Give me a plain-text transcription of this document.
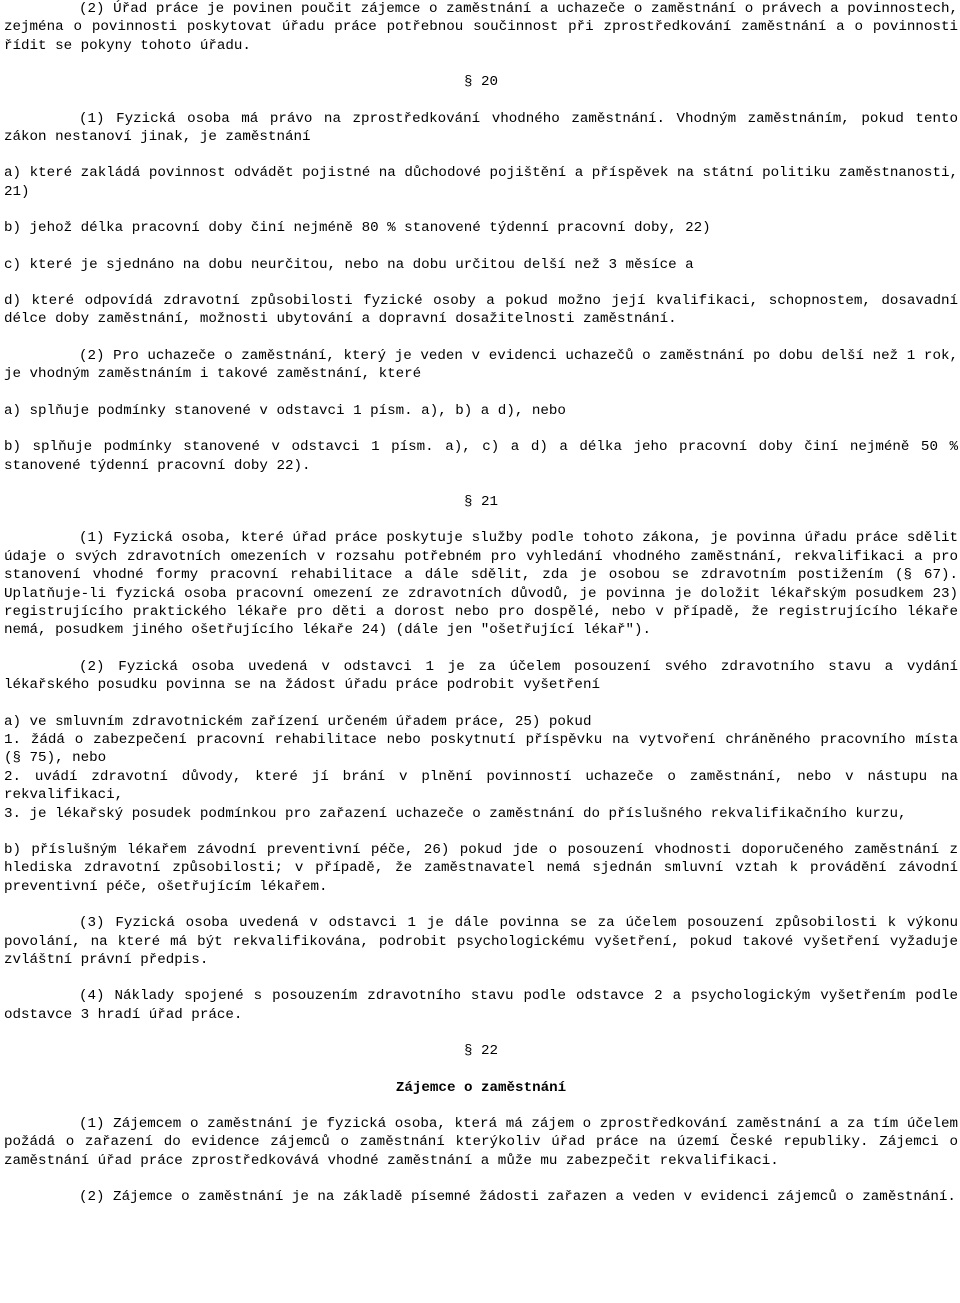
(2) Úřad práce je povinen poučit zájemce o zaměstnání a uchazeče o zaměstnání o právech a povinnostech, zejména o povinnosti poskytovat úřadu práce potřebnou součinnost při zprostředkování zaměstnání a o povinnosti řídit se pokyny tohoto úřadu.

§ 20

(1) Fyzická osoba má právo na zprostředkování vhodného zaměstnání. Vhodným zaměstnáním, pokud tento zákon nestanoví jinak, je zaměstnání

a) které zakládá povinnost odvádět pojistné na důchodové pojištění a příspěvek na státní politiku zaměstnanosti, 21)

b) jehož délka pracovní doby činí nejméně 80 % stanovené týdenní pracovní doby, 22)

c) které je sjednáno na dobu neurčitou, nebo na dobu určitou delší než 3 měsíce a

d) které odpovídá zdravotní způsobilosti fyzické osoby a pokud možno její kvalifikaci, schopnostem, dosavadní délce doby zaměstnání, možnosti ubytování a dopravní dosažitelnosti zaměstnání.

(2) Pro uchazeče o zaměstnání, který je veden v evidenci uchazečů o zaměstnání po dobu delší než 1 rok, je vhodným zaměstnáním i takové zaměstnání, které

a) splňuje podmínky stanovené v odstavci 1 písm. a), b) a d), nebo

b) splňuje podmínky stanovené v odstavci 1 písm. a), c) a d) a délka jeho pracovní doby činí nejméně 50 % stanovené týdenní pracovní doby 22).

§ 21

(1) Fyzická osoba, které úřad práce poskytuje služby podle tohoto zákona, je povinna úřadu práce sdělit údaje o svých zdravotních omezeních v rozsahu potřebném pro vyhledání vhodného zaměstnání, rekvalifikaci a pro stanovení vhodné formy pracovní rehabilitace a dále sdělit, zda je osobou se zdravotním postižením (§ 67). Uplatňuje-li fyzická osoba pracovní omezení ze zdravotních důvodů, je povinna je doložit lékařským posudkem 23) registrujícího praktického lékaře pro děti a dorost nebo pro dospělé, nebo v případě, že registrujícího lékaře nemá, posudkem jiného ošetřujícího lékaře 24) (dále jen "ošetřující lékař").

(2) Fyzická osoba uvedená v odstavci 1 je za účelem posouzení svého zdravotního stavu a vydání lékařského posudku povinna se na žádost úřadu práce podrobit vyšetření

a) ve smluvním zdravotnickém zařízení určeném úřadem práce, 25) pokud

1. žádá o zabezpečení pracovní rehabilitace nebo poskytnutí příspěvku na vytvoření chráněného pracovního místa (§ 75), nebo

2. uvádí zdravotní důvody, které jí brání v plnění povinností uchazeče o zaměstnání, nebo v nástupu na rekvalifikaci,

3. je lékařský posudek podmínkou pro zařazení uchazeče o zaměstnání do příslušného rekvalifikačního kurzu,

b) příslušným lékařem závodní preventivní péče, 26) pokud jde o posouzení vhodnosti doporučeného zaměstnání z hlediska zdravotní způsobilosti; v případě, že zaměstnavatel nemá sjednán smluvní vztah k provádění závodní preventivní péče, ošetřujícím lékařem.

(3) Fyzická osoba uvedená v odstavci 1 je dále povinna se za účelem posouzení způsobilosti k výkonu povolání, na které má být rekvalifikována, podrobit psychologickému vyšetření, pokud takové vyšetření vyžaduje zvláštní právní předpis.

(4) Náklady spojené s posouzením zdravotního stavu podle odstavce 2 a psychologickým vyšetřením podle odstavce 3 hradí úřad práce.

§ 22

Zájemce o zaměstnání

(1) Zájemcem o zaměstnání je fyzická osoba, která má zájem o zprostředkování zaměstnání a za tím účelem požádá o zařazení do evidence zájemců o zaměstnání kterýkoliv úřad práce na území České republiky. Zájemci o zaměstnání úřad práce zprostředkovává vhodné zaměstnání a může mu zabezpečit rekvalifikaci.

(2) Zájemce o zaměstnání je na základě písemné žádosti zařazen a veden v evidenci zájemců o zaměstnání.
